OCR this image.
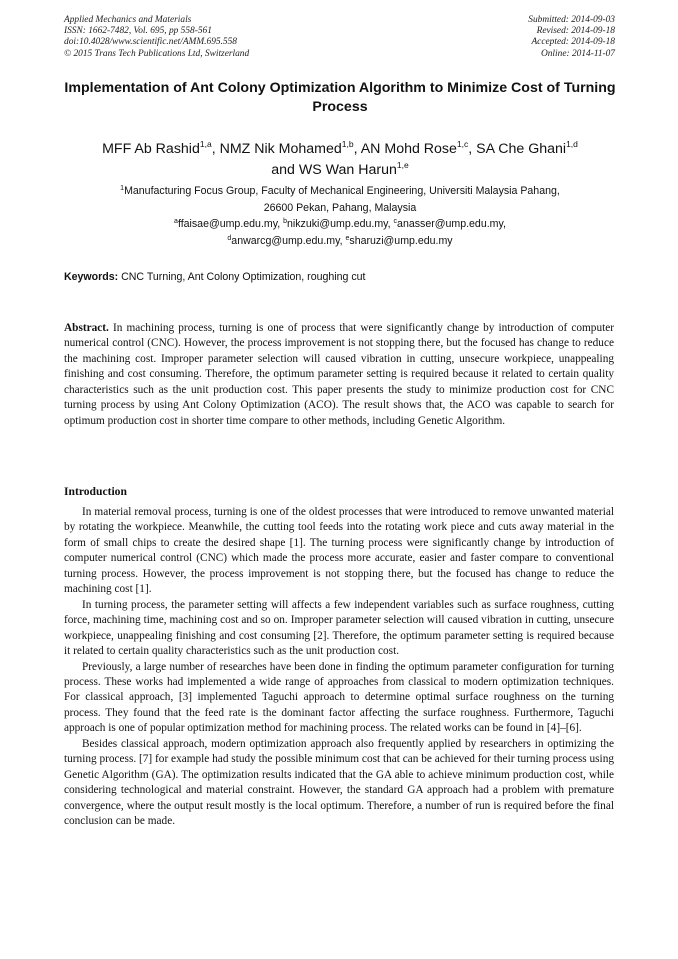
Applied Mechanics and Materials
ISSN: 1662-7482, Vol. 695, pp 558-561
doi:10.4028/www.scientific.net/AMM.695.558
© 2015 Trans Tech Publications Ltd, Switzerland
Submitted: 2014-09-03
Revised: 2014-09-18
Accepted: 2014-09-18
Online: 2014-11-07
Implementation of Ant Colony Optimization Algorithm to Minimize Cost of Turning Process
MFF Ab Rashid$^{1,a}$, NMZ Nik Mohamed$^{1,b}$, AN Mohd Rose$^{1,c}$, SA Che Ghani$^{1,d}$
and WS Wan Harun$^{1,e}$
$^1$Manufacturing Focus Group, Faculty of Mechanical Engineering, Universiti Malaysia Pahang,
26600 Pekan, Pahang, Malaysia
$^a$ffaisae@ump.edu.my, $^b$nikzuki@ump.edu.my, $^c$anasser@ump.edu.my,
$^d$anwarcg@ump.edu.my, $^e$sharuzi@ump.edu.my
Keywords: CNC Turning, Ant Colony Optimization, roughing cut
Abstract. In machining process, turning is one of process that were significantly change by introduction of computer numerical control (CNC). However, the process improvement is not stopping there, but the focused has change to reduce the machining cost. Improper parameter selection will caused vibration in cutting, unsecure workpiece, unappealing finishing and cost consuming. Therefore, the optimum parameter setting is required because it related to certain quality characteristics such as the unit production cost. This paper presents the study to minimize production cost for CNC turning process by using Ant Colony Optimization (ACO). The result shows that, the ACO was capable to search for optimum production cost in shorter time compare to other methods, including Genetic Algorithm.
Introduction

In material removal process, turning is one of the oldest processes that were introduced to remove unwanted material by rotating the workpiece. Meanwhile, the cutting tool feeds into the rotating work piece and cuts away material in the form of small chips to create the desired shape [1]. The turning process were significantly change by introduction of computer numerical control (CNC) which made the process more accurate, easier and faster compare to conventional turning process. However, the process improvement is not stopping there, but the focused has change to reduce the machining cost [1].

In turning process, the parameter setting will affects a few independent variables such as surface roughness, cutting force, machining time, machining cost and so on. Improper parameter selection will caused vibration in cutting, unsecure workpiece, unappealing finishing and cost consuming [2]. Therefore, the optimum parameter setting is required because it related to certain quality characteristics such as the unit production cost.

Previously, a large number of researches have been done in finding the optimum parameter configuration for turning process. These works had implemented a wide range of approaches from classical to modern optimization techniques. For classical approach, [3] implemented Taguchi approach to determine optimal surface roughness on the turning process. They found that the feed rate is the dominant factor affecting the surface roughness. Furthermore, Taguchi approach is one of popular optimization method for machining process. The related works can be found in [4]–[6].

Besides classical approach, modern optimization approach also frequently applied by researchers in optimizing the turning process. [7] for example had study the possible minimum cost that can be achieved for their turning process using Genetic Algorithm (GA). The optimization results indicated that the GA able to achieve minimum production cost, while considering technological and material constraint. However, the standard GA approach had a problem with premature convergence, where the output result mostly is the local optimum. Therefore, a number of run is required before the final conclusion can be made.
